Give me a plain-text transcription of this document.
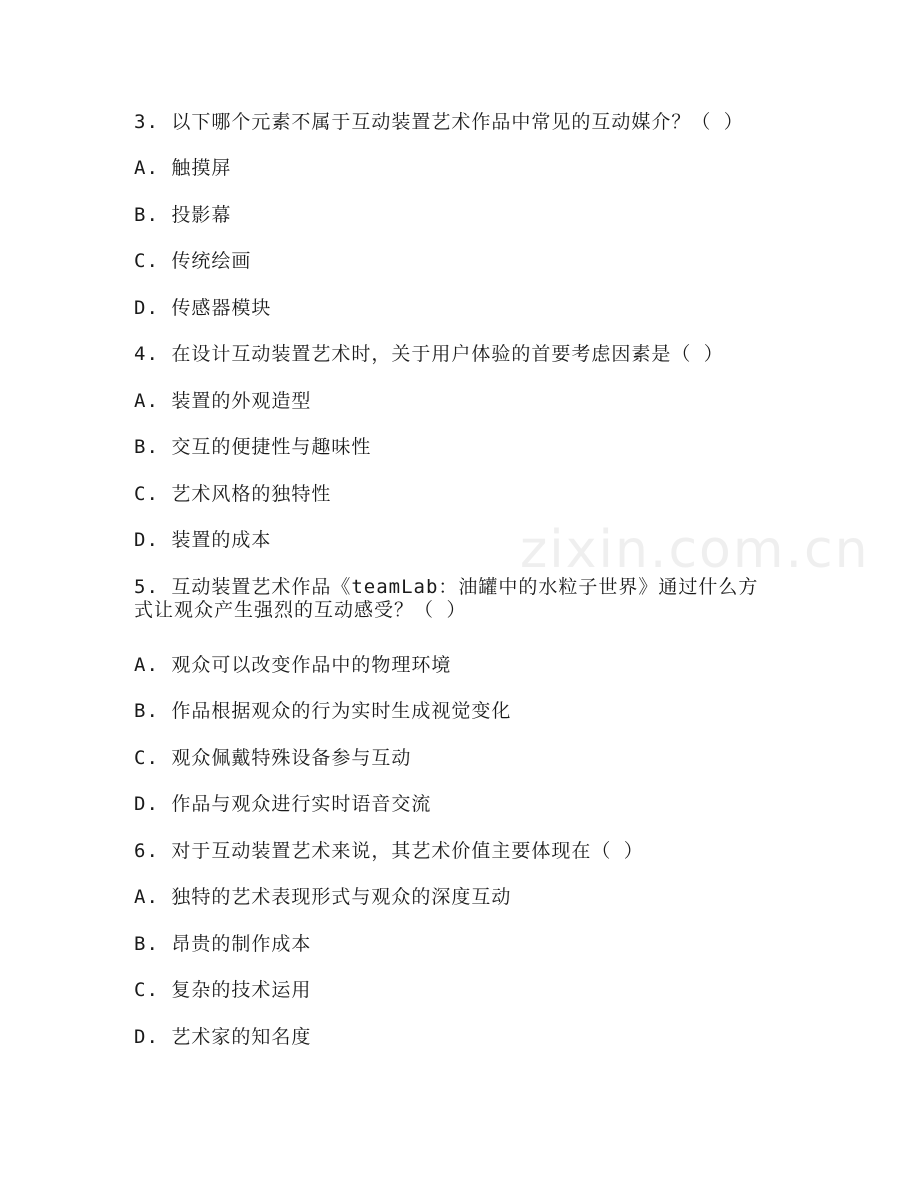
zixin.com.cn
3. 以下哪个元素不属于互动装置艺术作品中常见的互动媒介？（ ）
A. 触摸屏
B. 投影幕
C. 传统绘画
D. 传感器模块
4. 在设计互动装置艺术时，关于用户体验的首要考虑因素是（ ）
A. 装置的外观造型
B. 交互的便捷性与趣味性
C. 艺术风格的独特性
D. 装置的成本
5. 互动装置艺术作品《teamLab：油罐中的水粒子世界》通过什么方式让观众产生强烈的互动感受？（ ）
A. 观众可以改变作品中的物理环境
B. 作品根据观众的行为实时生成视觉变化
C. 观众佩戴特殊设备参与互动
D. 作品与观众进行实时语音交流
6. 对于互动装置艺术来说，其艺术价值主要体现在（ ）
A. 独特的艺术表现形式与观众的深度互动
B. 昂贵的制作成本
C. 复杂的技术运用
D. 艺术家的知名度
